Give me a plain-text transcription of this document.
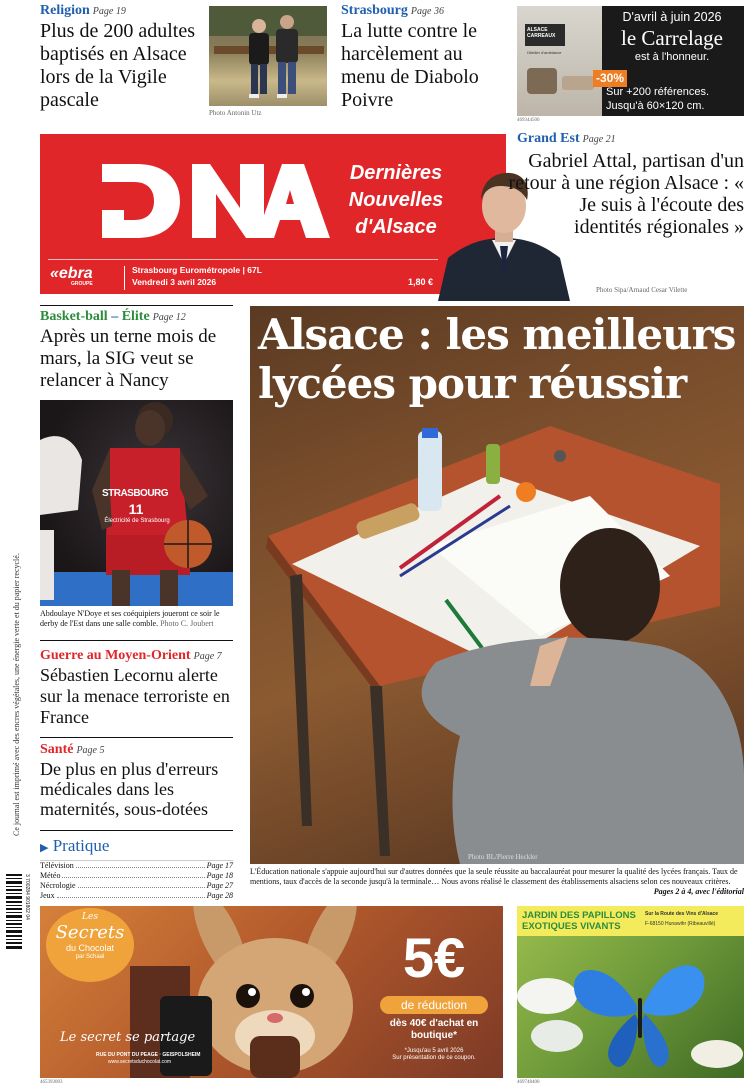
Religion Page 19
Plus de 200 adultes baptisés en Alsace lors de la Vigile pascale
Photo Antonin Utz
Strasbourg Page 36
La lutte contre le harcèlement au menu de Diabolo Poivre
ALSACE CARREAUX
l'Atelier d'ambiance
D'avril à juin 2026
le Carrelage
est à l'honneur.
-30%
Sur +200 références.
Jusqu'à 60×120 cm.
469344500
Dernières
Nouvelles
d'Alsace
«ebra
GROUPE
Strasbourg Eurométropole | 67L
Vendredi 3 avril 2026	1,80 €
Grand Est Page 21
Gabriel Attal, partisan d'un retour à une région Alsace : « Je suis à l'écoute des identités régionales »
Photo Sipa/Arnaud Cesar Vilette
Basket-ball – Élite Page 12
Après un terne mois de mars, la SIG veut se relancer à Nancy
STRASBOURG
11
Électricité de Strasbourg
Abdoulaye N'Doye et ses coéquipiers joueront ce soir le derby de l'Est dans une salle comble. Photo C. Joubert
Guerre au Moyen-Orient Page 7
Sébastien Lecornu alerte sur la menace terroriste en France
Santé Page 5
De plus en plus d'erreurs médicales dans les maternités, sous-dotées
▶ Pratique
Télévision	Page 17
Météo	Page 18
Nécrologie	Page 27
Jeux	Page 28
Ce journal est imprimé avec des encres végétales, une énergie verte et du papier recyclé.
3 700284 901802 04
Alsace : les meilleurs lycées pour réussir
Photo BL/Pierre Heckler
L'Éducation nationale s'appuie aujourd'hui sur d'autres données que la seule réussite au baccalauréat pour mesurer la qualité des lycées français. Taux de mentions, taux d'accès de la seconde jusqu'à la terminale… Nous avons réalisé le classement des établissements alsaciens selon ces nouveaux critères.
Pages 2 à 4, avec l'éditorial
Les
Secrets
du Chocolat
par Schaal
Le secret se partage
RUE DU PONT DU PEAGE · GEISPOLSHEIM
www.secretsduchocolat.com
5€
de réduction
dès 40€ d'achat en
boutique*
*Jusqu'au 5 avril 2026
Sur présentation de ce coupon.
465393003
JARDIN DES PAPILLONS
EXOTIQUES VIVANTS
Sur la Route des Vins d'Alsace
F-68150 Hunawihr (Ribeauvillé)
469748400
